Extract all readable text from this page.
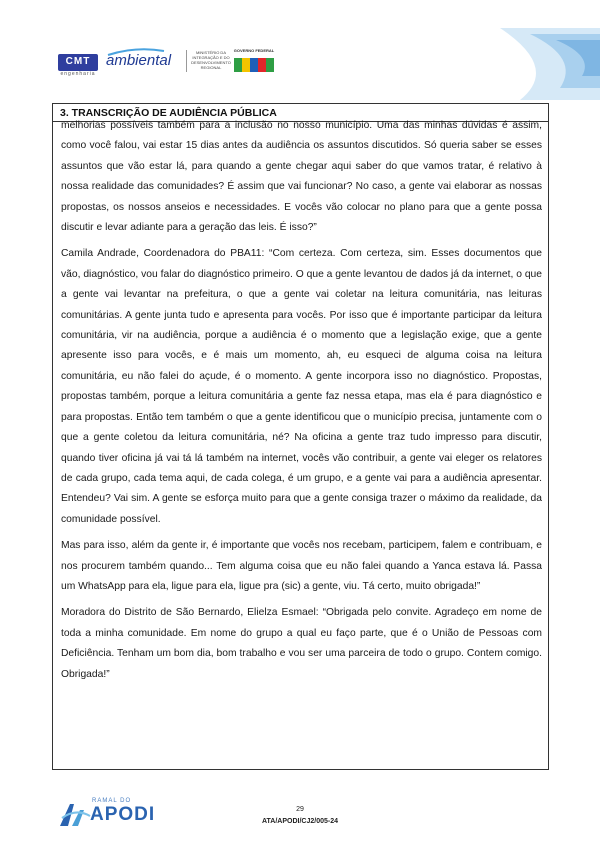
CMT
engenharia
ambiental	MINISTÉRIO DA INTEGRAÇÃO E DO DESENVOLVIMENTO REGIONAL
GOVERNO FEDERAL
3. TRANSCRIÇÃO DE AUDIÊNCIA PÚBLICA

melhorias possíveis também para a inclusão no nosso município. Uma das minhas dúvidas é assim, como você falou, vai estar 15 dias antes da audiência os assuntos discutidos. Só queria saber se esses assuntos que vão estar lá, para quando a gente chegar aqui saber do que vamos tratar, é relativo à nossa realidade das comunidades? É assim que vai funcionar? No caso, a gente vai elaborar as nossas propostas, os nossos anseios e necessidades. E vocês vão colocar no plano para que a gente possa discutir e levar adiante para a geração das leis. É isso?”

Camila Andrade, Coordenadora do PBA11: “Com certeza. Com certeza, sim. Esses documentos que vão, diagnóstico, vou falar do diagnóstico primeiro. O que a gente levantou de dados já da internet, o que a gente vai levantar na prefeitura, o que a gente vai coletar na leitura comunitária, nas leituras comunitárias. A gente junta tudo e apresenta para vocês. Por isso que é importante participar da leitura comunitária, vir na audiência, porque a audiência é o momento que a legislação exige, que a gente apresente isso para vocês, e é mais um momento, ah, eu esqueci de alguma coisa na leitura comunitária, eu não falei do açude, é o momento. A gente incorpora isso no diagnóstico. Propostas, propostas também, porque a leitura comunitária a gente faz nessa etapa, mas ela é para diagnóstico e para propostas. Então tem também o que a gente identificou que o município precisa, juntamente com o que a gente coletou da leitura comunitária, né? Na oficina a gente traz tudo impresso para discutir, quando tiver oficina já vai tá lá também na internet, vocês vão contribuir, a gente vai eleger os relatores de cada grupo, cada tema aqui, de cada colega, é um grupo, e a gente vai para a audiência apresentar. Entendeu? Vai sim. A gente se esforça muito para que a gente consiga trazer o máximo da realidade, da comunidade possível.

Mas para isso, além da gente ir, é importante que vocês nos recebam, participem, falem e contribuam, e nos procurem também quando... Tem alguma coisa que eu não falei quando a Yanca estava lá. Passa um WhatsApp para ela, ligue para ela, ligue pra (sic) a gente, viu. Tá certo, muito obrigada!”

Moradora do Distrito de São Bernardo, Elielza Esmael: “Obrigada pelo convite. Agradeço em nome de toda a minha comunidade. Em nome do grupo a qual eu faço parte, que é o União de Pessoas com Deficiência. Tenham um bom dia, bom trabalho e vou ser uma parceira de todo o grupo. Contem comigo. Obrigada!”

RAMAL DO
APODI	29
ATA/APODI/CJ2/005-24
